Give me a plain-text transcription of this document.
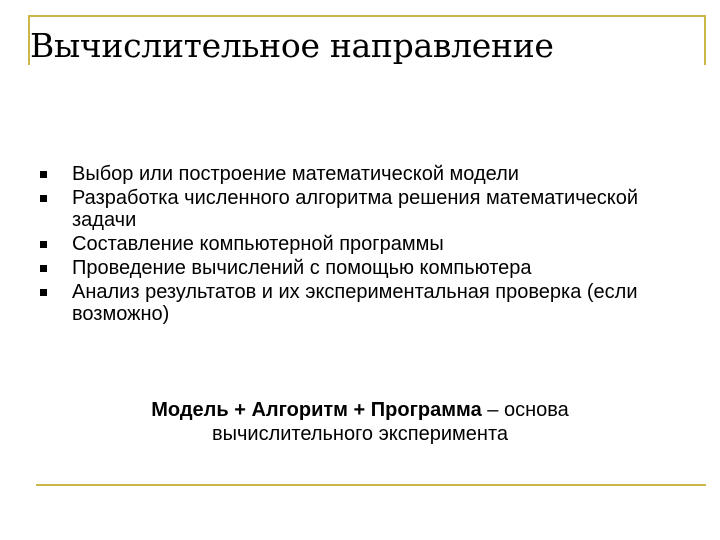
Вычислительное направление
Выбор или построение математической модели
Разработка численного алгоритма решения математической задачи
Составление компьютерной программы
Проведение вычислений с помощью компьютера
Анализ результатов и их экспериментальная проверка (если возможно)
Модель + Алгоритм + Программа – основа
вычислительного эксперимента
